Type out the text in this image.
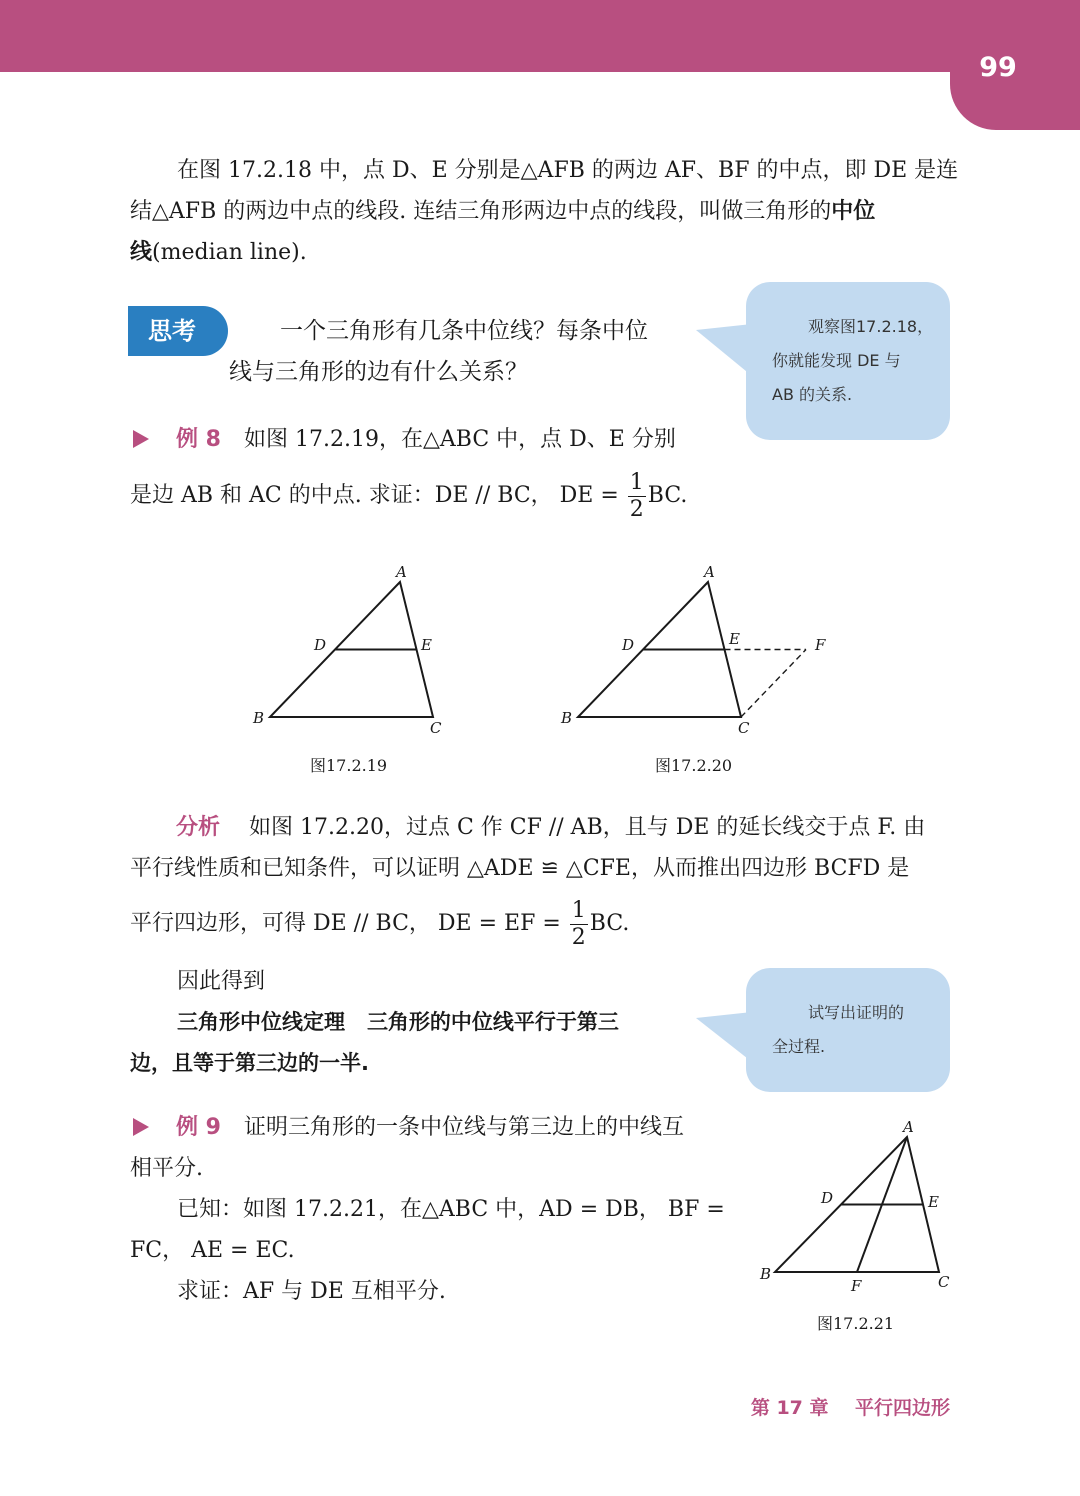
99

在图 17.2.18 中，点 D、E 分别是△AFB 的两边 AF、BF 的中点，即 DE 是连

结△AFB 的两边中点的线段. 连结三角形两边中点的线段，叫做三角形的中位

线(median line).

思考	一个三角形有几条中位线？每条中位

线与三角形的边有什么关系？

观察图17.2.18，
你就能发现 DE 与
AB 的关系.
例 8 如图 17.2.19，在△ABC 中，点 D、E 分别

是边 AB 和 AC 的中点. 求证：DE // BC， DE = $\frac{1}{2}$ BC.

A
D	E
B
C
图17.2.19
A
D	E	F
B
C
图17.2.20
分析 如图 17.2.20，过点 C 作 CF // AB，且与 DE 的延长线交于点 F. 由

平行线性质和已知条件，可以证明 △ADE ≌ △CFE，从而推出四边形 BCFD 是

平行四边形，可得 DE // BC， DE = EF = $\frac{1}{2}$ BC.

因此得到

三角形中位线定理 三角形的中位线平行于第三

边，且等于第三边的一半.

试写出证明的
全过程.
例 9 证明三角形的一条中位线与第三边上的中线互

相平分.

已知：如图 17.2.21，在△ABC 中，AD = DB， BF =

FC， AE = EC.

求证：AF 与 DE 互相平分.

A
D	E
B
F	C
图17.2.21
第 17 章 平行四边形
